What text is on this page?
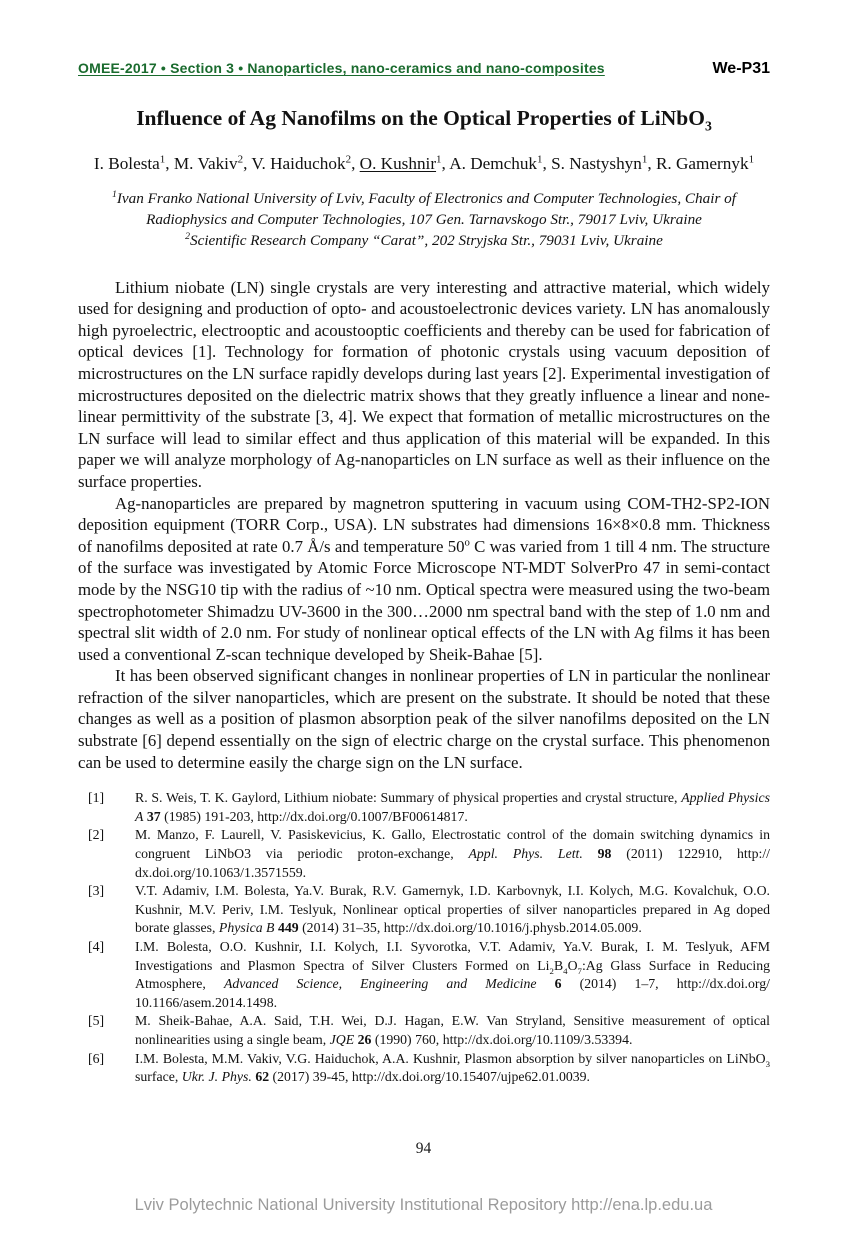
OMEE-2017 • Section 3 • Nanoparticles, nano-ceramics and nano-composites	We-P31
Influence of Ag Nanofilms on the Optical Properties of LiNbO$_3$
I. Bolesta$^1$, M. Vakiv$^2$, V. Haiduchok$^2$, O. Kushnir$^1$, A. Demchuk$^1$, S. Nastyshyn$^1$, R. Gamernyk$^1$

$^1$Ivan Franko National University of Lviv, Faculty of Electronics and Computer Technologies, Chair of Radiophysics and Computer Technologies, 107 Gen. Tarnavskogo Str., 79017 Lviv, Ukraine

$^2$Scientific Research Company “Carat”, 202 Stryjska Str., 79031 Lviv, Ukraine

Lithium niobate (LN) single crystals are very interesting and attractive material, which widely used for designing and production of opto- and acoustoelectronic devices variety. LN has anomalously high pyroelectric, electrooptic and acoustooptic coefficients and thereby can be used for fabrication of optical devices [1]. Technology for formation of photonic crystals using vacuum deposition of microstructures on the LN surface rapidly develops during last years [2]. Experimental investigation of microstructures deposited on the dielectric matrix shows that they greatly influence a linear and none-linear permittivity of the substrate [3, 4]. We expect that formation of metallic microstructures on the LN surface will lead to similar effect and thus application of this material will be expanded. In this paper we will analyze morphology of Ag-nanoparticles on LN surface as well as their influence on the surface properties.

Ag-nanoparticles are prepared by magnetron sputtering in vacuum using COM-TH2-SP2-ION deposition equipment (TORR Corp., USA). LN substrates had dimensions 16×8×0.8 mm. Thickness of nanofilms deposited at rate 0.7 Å/s and temperature 50$^o$ C was varied from 1 till 4 nm. The structure of the surface was investigated by Atomic Force Microscope NT-MDT SolverPro 47 in semi-contact mode by the NSG10 tip with the radius of ~10 nm. Optical spectra were measured using the two-beam spectrophotometer Shimadzu UV-3600 in the 300…2000 nm spectral band with the step of 1.0 nm and spectral slit width of 2.0 nm. For study of nonlinear optical effects of the LN with Ag films it has been used a conventional Z-scan technique developed by Sheik-Bahae [5].

It has been observed significant changes in nonlinear properties of LN in particular the nonlinear refraction of the silver nanoparticles, which are present on the substrate. It should be noted that these changes as well as a position of plasmon absorption peak of the silver nanofilms deposited on the LN substrate [6] depend essentially on the sign of electric charge on the crystal surface. This phenomenon can be used to determine easily the charge sign on the LN surface.

[1]	R. S. Weis, T. K. Gaylord, Lithium niobate: Summary of physical properties and crystal structure, Applied Physics A 37 (1985) 191-203, http://dx.doi.org/0.1007/BF00614817.
[2]	M. Manzo, F. Laurell, V. Pasiskevicius, K. Gallo, Electrostatic control of the domain switching dynamics in congruent LiNbO3 via periodic proton-exchange, Appl. Phys. Lett. 98 (2011) 122910, http:// dx.doi.org/10.1063/1.3571559.
[3]	V.T. Adamiv, I.M. Bolesta, Ya.V. Burak, R.V. Gamernyk, I.D. Karbovnyk, I.I. Kolych, M.G. Kovalchuk, O.O. Kushnir, M.V. Periv, I.M. Teslyuk, Nonlinear optical properties of silver nanoparticles prepared in Ag doped borate glasses, Physica B 449 (2014) 31–35, http://dx.doi.org/10.1016/j.physb.2014.05.009.
[4]	I.M. Bolesta, O.O. Kushnir, I.I. Kolych, I.I. Syvorotka, V.T. Adamiv, Ya.V. Burak, I. M. Teslyuk, AFM Investigations and Plasmon Spectra of Silver Clusters Formed on $Li_2B_4O_7:Ag$ Glass Surface in Reducing Atmosphere, Advanced Science, Engineering and Medicine 6 (2014) 1–7, http://dx.doi.org/ 10.1166/asem.2014.1498.
[5]	M. Sheik-Bahae, A.A. Said, T.H. Wei, D.J. Hagan, E.W. Van Stryland, Sensitive measurement of optical nonlinearities using a single beam, JQE 26 (1990) 760, http://dx.doi.org/10.1109/3.53394.
[6]	I.M. Bolesta, M.M. Vakiv, V.G. Haiduchok, A.A. Kushnir, Plasmon absorption by silver nanoparticles on LiNbO$_3$ surface, Ukr. J. Phys. 62 (2017) 39-45, http://dx.doi.org/10.15407/ujpe62.01.0039.
94
Lviv Polytechnic National University Institutional Repository http://ena.lp.edu.ua
